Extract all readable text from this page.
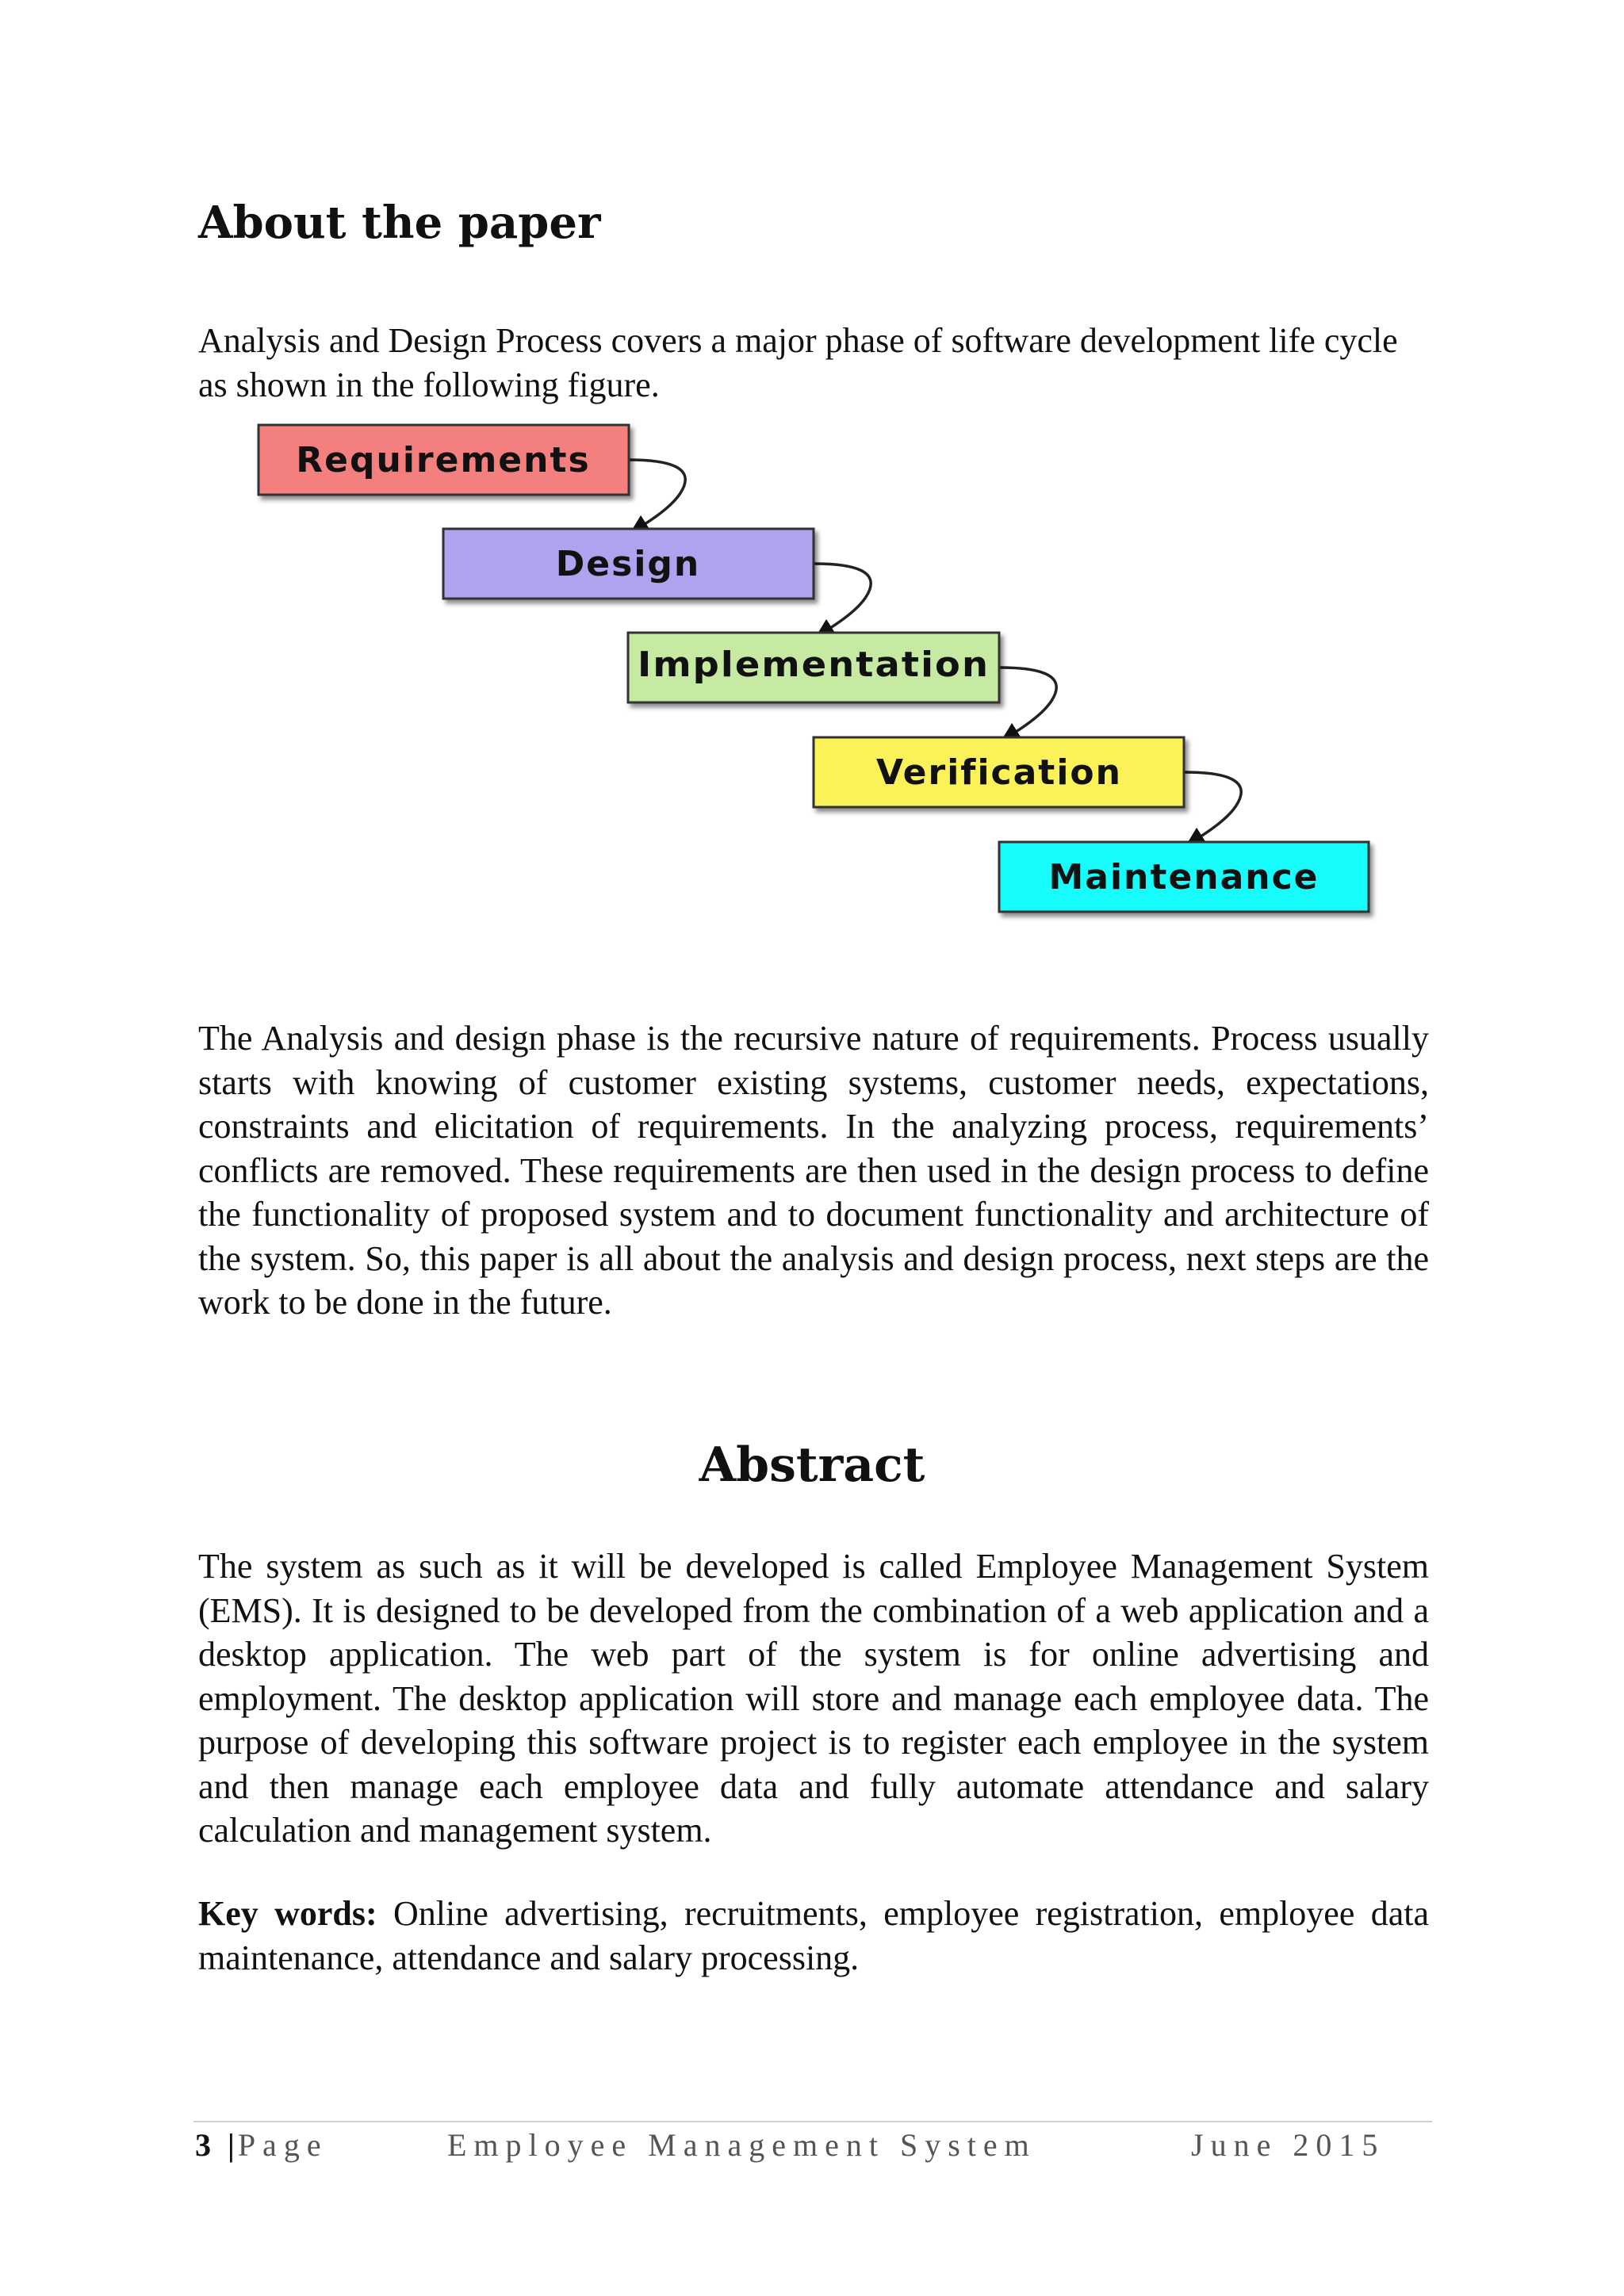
About the paper

Analysis and Design Process covers a major phase of software development life cycle as shown in the following figure.

Requirements
Design
Implementation
Verification
Maintenance

The Analysis and design phase is the recursive nature of requirements. Process usually starts with knowing of customer existing systems, customer needs, expectations, constraints and elicitation of requirements. In the analyzing process, requirements’ conflicts are removed. These requirements are then used in the design process to define the functionality of proposed system and to document functionality and architecture of the system. So, this paper is all about the analysis and design process, next steps are the work to be done in the future.

Abstract

The system as such as it will be developed is called Employee Management System (EMS). It is designed to be developed from the combination of a web application and a desktop application. The web part of the system is for online advertising and employment. The desktop application will store and manage each employee data. The purpose of developing this software project is to register each employee in the system and then manage each employee data and fully automate attendance and salary calculation and management system.

Key words: Online advertising, recruitments, employee registration, employee data maintenance, attendance and salary processing.

3 |Page	Employee Management System	June 2015
